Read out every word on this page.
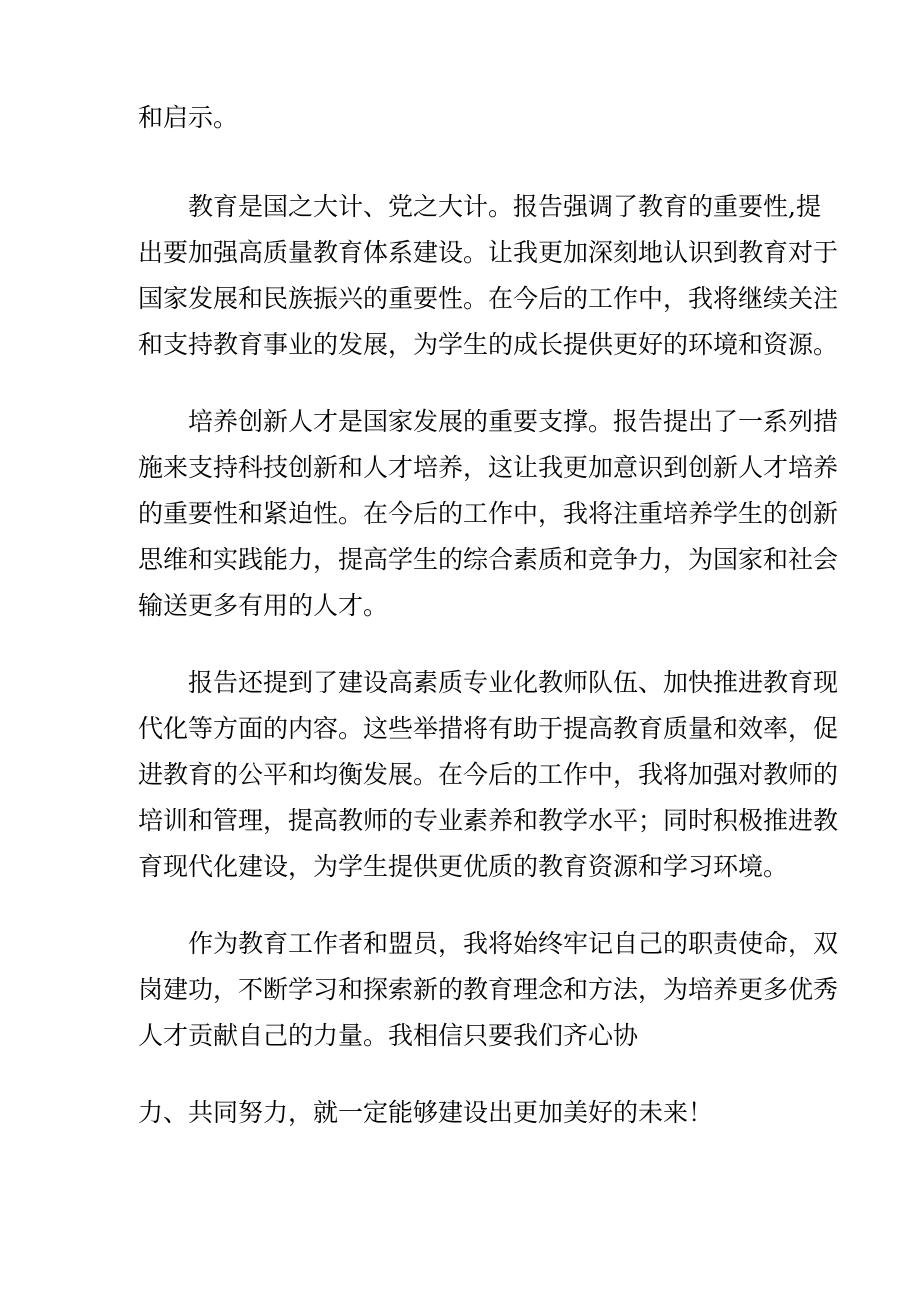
和启示。
教育是国之大计、党之大计。报告强调了教育的重要性,提
出要加强高质量教育体系建设。让我更加深刻地认识到教育对于
国家发展和民族振兴的重要性。在今后的工作中，我将继续关注
和支持教育事业的发展，为学生的成长提供更好的环境和资源。
培养创新人才是国家发展的重要支撑。报告提出了一系列措
施来支持科技创新和人才培养，这让我更加意识到创新人才培养
的重要性和紧迫性。在今后的工作中，我将注重培养学生的创新
思维和实践能力，提高学生的综合素质和竞争力，为国家和社会
输送更多有用的人才。
报告还提到了建设高素质专业化教师队伍、加快推进教育现
代化等方面的内容。这些举措将有助于提高教育质量和效率，促
进教育的公平和均衡发展。在今后的工作中，我将加强对教师的
培训和管理，提高教师的专业素养和教学水平；同时积极推进教
育现代化建设，为学生提供更优质的教育资源和学习环境。
作为教育工作者和盟员，我将始终牢记自己的职责使命，双
岗建功，不断学习和探索新的教育理念和方法，为培养更多优秀
人才贡献自己的力量。我相信只要我们齐心协
力、共同努力，就一定能够建设出更加美好的未来！
